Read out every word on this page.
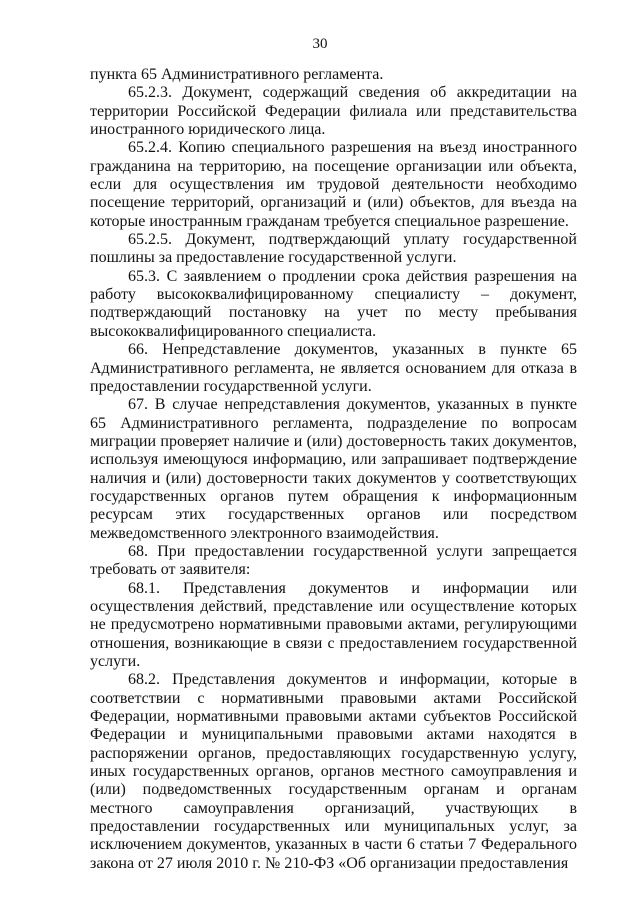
30

пункта 65 Административного регламента.

65.2.3. Документ, содержащий сведения об аккредитации на территории Российской Федерации филиала или представительства иностранного юридического лица.

65.2.4. Копию специального разрешения на въезд иностранного гражданина на территорию, на посещение организации или объекта, если для осуществления им трудовой деятельности необходимо посещение территорий, организаций и (или) объектов, для въезда на которые иностранным гражданам требуется специальное разрешение.

65.2.5. Документ, подтверждающий уплату государственной пошлины за предоставление государственной услуги.

65.3. С заявлением о продлении срока действия разрешения на работу высококвалифицированному специалисту – документ, подтверждающий постановку на учет по месту пребывания высококвалифицированного специалиста.

66. Непредставление документов, указанных в пункте 65 Административного регламента, не является основанием для отказа в предоставлении государственной услуги.

67. В случае непредставления документов, указанных в пункте 65 Административного регламента, подразделение по вопросам миграции проверяет наличие и (или) достоверность таких документов, используя имеющуюся информацию, или запрашивает подтверждение наличия и (или) достоверности таких документов у соответствующих государственных органов путем обращения к информационным ресурсам этих государственных органов или посредством межведомственного электронного взаимодействия.

68. При предоставлении государственной услуги запрещается требовать от заявителя:

68.1. Представления документов и информации или осуществления действий, представление или осуществление которых не предусмотрено нормативными правовыми актами, регулирующими отношения, возникающие в связи с предоставлением государственной услуги.

68.2. Представления документов и информации, которые в соответствии с нормативными правовыми актами Российской Федерации, нормативными правовыми актами субъектов Российской Федерации и муниципальными правовыми актами находятся в распоряжении органов, предоставляющих государственную услугу, иных государственных органов, органов местного самоуправления и (или) подведомственных государственным органам и органам местного самоуправления организаций, участвующих в предоставлении государственных или муниципальных услуг, за исключением документов, указанных в части 6 статьи 7 Федерального закона от 27 июля 2010 г. № 210-ФЗ «Об организации предоставления
